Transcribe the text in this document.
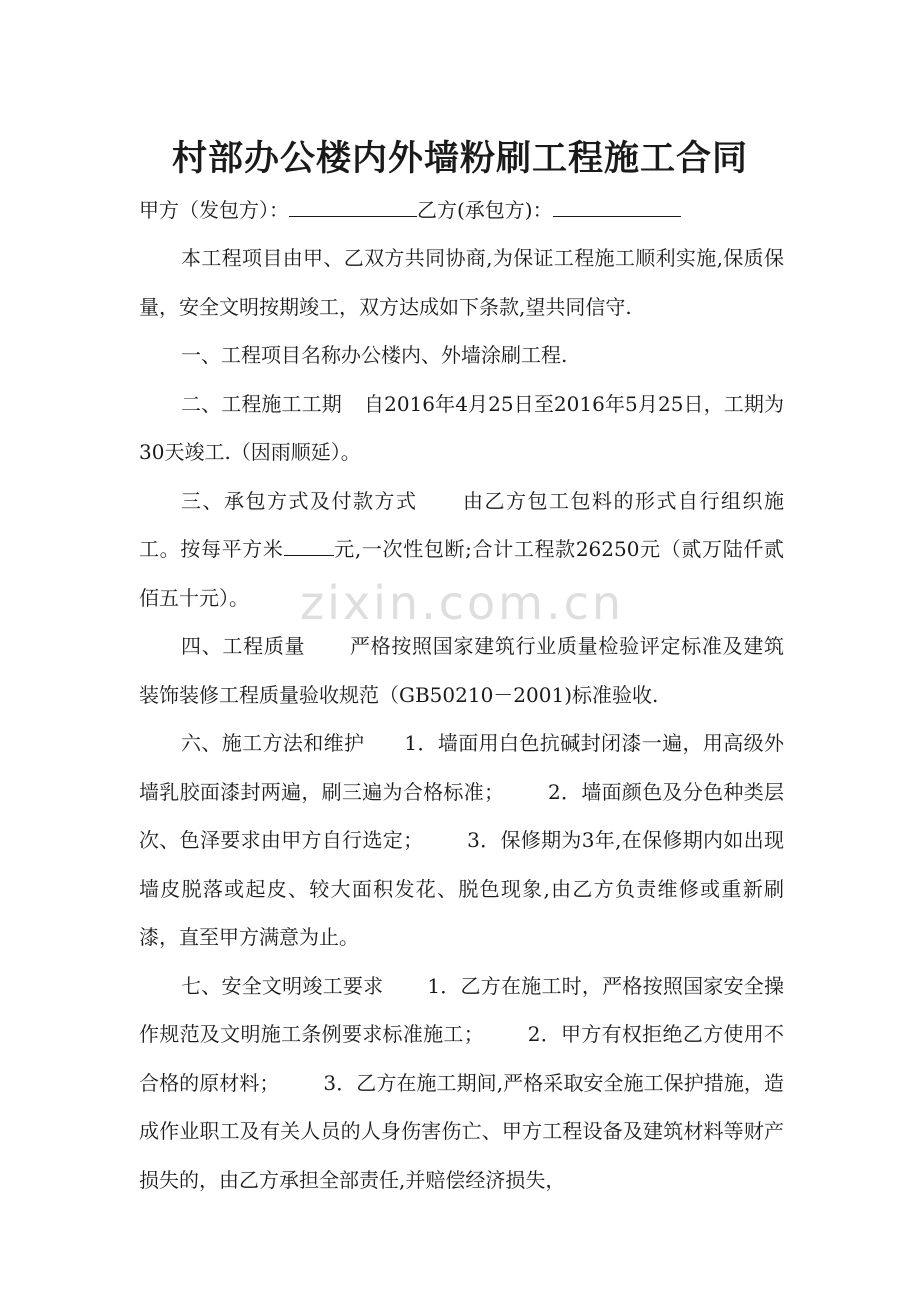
zixin.com.cn
村部办公楼内外墙粉刷工程施工合同
甲方（发包方）：	乙方(承包方)：

本工程项目由甲、乙双方共同协商,为保证工程施工顺利实施,保质保量，安全文明按期竣工，双方达成如下条款,望共同信守.

一、工程项目名称办公楼内、外墙涂刷工程.

二、工程施工工期 自2016年4月25日至2016年5月25日，工期为30天竣工.（因雨顺延）。

三、承包方式及付款方式 由乙方包工包料的形式自行组织施工。按每平方米	元,一次性包断;合计工程款26250元（贰万陆仟贰佰五十元）。

四、工程质量 严格按照国家建筑行业质量检验评定标准及建筑装饰装修工程质量验收规范（GB50210－2001)标准验收.

六、施工方法和维护 1．墙面用白色抗碱封闭漆一遍，用高级外墙乳胶面漆封两遍，刷三遍为合格标准； 2．墙面颜色及分色种类层次、色泽要求由甲方自行选定； 3．保修期为3年,在保修期内如出现墙皮脱落或起皮、较大面积发花、脱色现象,由乙方负责维修或重新刷漆，直至甲方满意为止。

七、安全文明竣工要求 1．乙方在施工时，严格按照国家安全操作规范及文明施工条例要求标准施工； 2．甲方有权拒绝乙方使用不合格的原材料； 3．乙方在施工期间,严格采取安全施工保护措施，造成作业职工及有关人员的人身伤害伤亡、甲方工程设备及建筑材料等财产损失的，由乙方承担全部责任,并赔偿经济损失，
